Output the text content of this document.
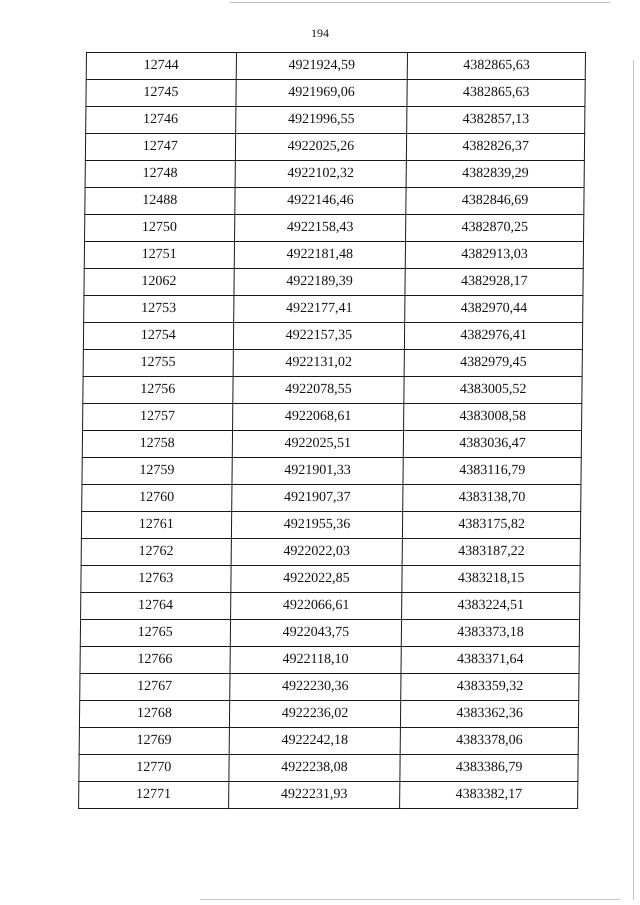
194
12744	4921924,59	4382865,63
12745	4921969,06	4382865,63
12746	4921996,55	4382857,13
12747	4922025,26	4382826,37
12748	4922102,32	4382839,29
12488	4922146,46	4382846,69
12750	4922158,43	4382870,25
12751	4922181,48	4382913,03
12062	4922189,39	4382928,17
12753	4922177,41	4382970,44
12754	4922157,35	4382976,41
12755	4922131,02	4382979,45
12756	4922078,55	4383005,52
12757	4922068,61	4383008,58
12758	4922025,51	4383036,47
12759	4921901,33	4383116,79
12760	4921907,37	4383138,70
12761	4921955,36	4383175,82
12762	4922022,03	4383187,22
12763	4922022,85	4383218,15
12764	4922066,61	4383224,51
12765	4922043,75	4383373,18
12766	4922118,10	4383371,64
12767	4922230,36	4383359,32
12768	4922236,02	4383362,36
12769	4922242,18	4383378,06
12770	4922238,08	4383386,79
12771	4922231,93	4383382,17
